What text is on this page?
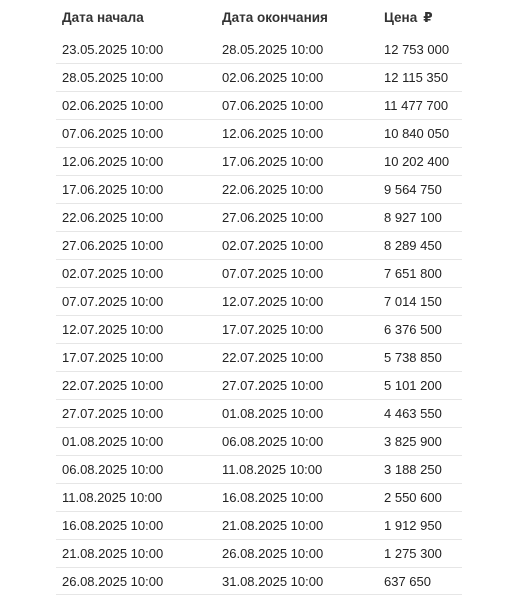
Дата начала	Дата окончания	Цена ₽
23.05.2025 10:00	28.05.2025 10:00	12 753 000
28.05.2025 10:00	02.06.2025 10:00	12 115 350
02.06.2025 10:00	07.06.2025 10:00	11 477 700
07.06.2025 10:00	12.06.2025 10:00	10 840 050
12.06.2025 10:00	17.06.2025 10:00	10 202 400
17.06.2025 10:00	22.06.2025 10:00	9 564 750
22.06.2025 10:00	27.06.2025 10:00	8 927 100
27.06.2025 10:00	02.07.2025 10:00	8 289 450
02.07.2025 10:00	07.07.2025 10:00	7 651 800
07.07.2025 10:00	12.07.2025 10:00	7 014 150
12.07.2025 10:00	17.07.2025 10:00	6 376 500
17.07.2025 10:00	22.07.2025 10:00	5 738 850
22.07.2025 10:00	27.07.2025 10:00	5 101 200
27.07.2025 10:00	01.08.2025 10:00	4 463 550
01.08.2025 10:00	06.08.2025 10:00	3 825 900
06.08.2025 10:00	11.08.2025 10:00	3 188 250
11.08.2025 10:00	16.08.2025 10:00	2 550 600
16.08.2025 10:00	21.08.2025 10:00	1 912 950
21.08.2025 10:00	26.08.2025 10:00	1 275 300
26.08.2025 10:00	31.08.2025 10:00	637 650
